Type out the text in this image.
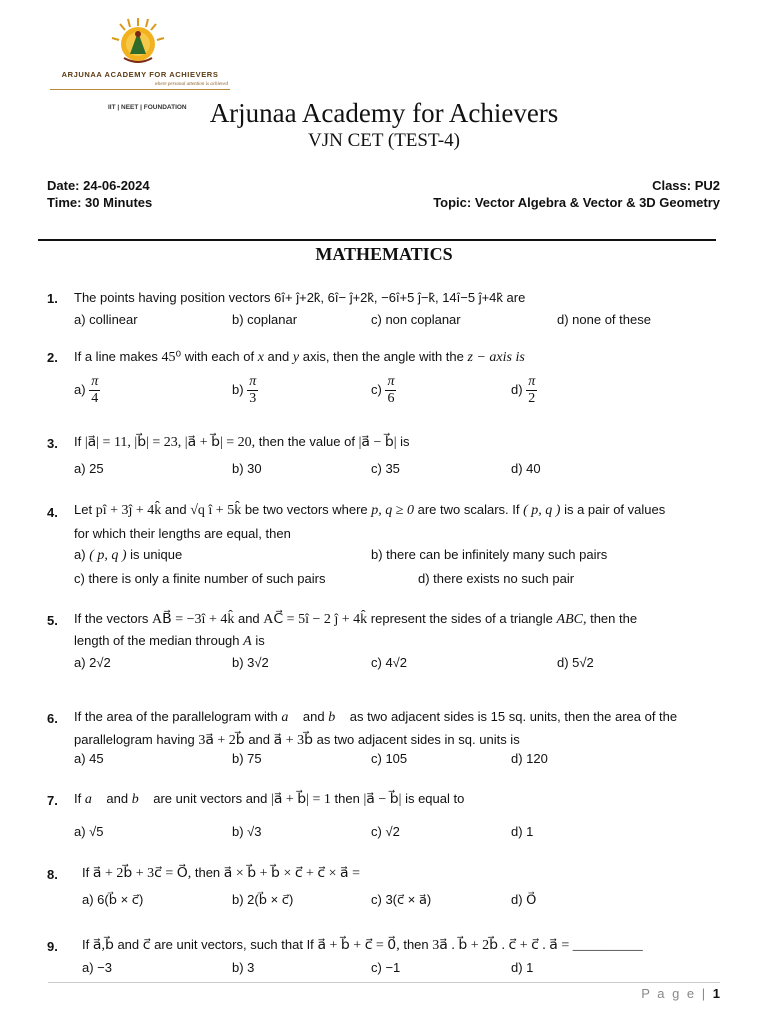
ARJUNAA ACADEMY FOR ACHIEVERS
where personal attention is achieved
IIT | NEET | FOUNDATION Arjunaa Academy for Achievers
VJN CET (TEST-4)
Date: 24-06-2024
Time: 30 Minutes
Class: PU2
Topic: Vector Algebra & Vector & 3D Geometry
MATHEMATICS
1. The points having position vectors 6î+ ĵ+2k̂, 6î− ĵ+2k̂, −6î+5 ĵ−k̂, 14î−5 ĵ+4k̂ are
a) collinear	b) coplanar	c) non coplanar	d) none of these
2. If a line makes 45⁰ with each of x and y axis, then the angle with the z − axis is
$a) \frac{\pi}{4}$	$b) \frac{\pi}{3}$	$c) \frac{\pi}{6}$	$d) \frac{\pi}{2}$
3. If |a⃗| = 11, |b⃗| = 23, |a⃗ + b⃗| = 20, then the value of |a⃗ − b⃗| is
a) 25	b) 30	c) 35	d) 40
4. Let pî + 3ĵ + 4k̂ and √q î + 5k̂ be two vectors where p, q ≥ 0 are two scalars. If ( p, q ) is a pair of values
for which their lengths are equal, then
a) ( p, q ) is unique	b) there can be infinitely many such pairs
c) there is only a finite number of such pairs	d) there exists no such pair
5. If the vectors AB⃗ = −3î + 4k̂ and AC⃗ = 5î − 2 ĵ + 4k̂ represent the sides of a triangle ABC, then the
length of the median through A is
a) 2√2	b) 3√2	c) 4√2	d) 5√2
6. If the area of the parallelogram with a⃗ and b⃗ as two adjacent sides is 15 sq. units, then the area of the
parallelogram having 3a⃗ + 2b⃗ and a⃗ + 3b⃗ as two adjacent sides in sq. units is
a) 45	b) 75	c) 105	d) 120
7. If a⃗ and b⃗ are unit vectors and |a⃗ + b⃗| = 1 then |a⃗ − b⃗| is equal to
a) √5	b) √3	c) √2	d) 1
8. If a⃗ + 2b⃗ + 3c⃗ = O⃗, then a⃗ × b⃗ + b⃗ × c⃗ + c⃗ × a⃗ =
a) 6(b⃗ × c⃗)	b) 2(b⃗ × c⃗)	c) 3(c⃗ × a⃗)	d) O⃗
9. If a⃗,b⃗ and c⃗ are unit vectors, such that If a⃗ + b⃗ + c⃗ = 0⃗, then 3a⃗ . b⃗ + 2b⃗ . c⃗ + c⃗ . a⃗ = __________
a) −3	b) 3	c) −1	d) 1
P a g e | 1
